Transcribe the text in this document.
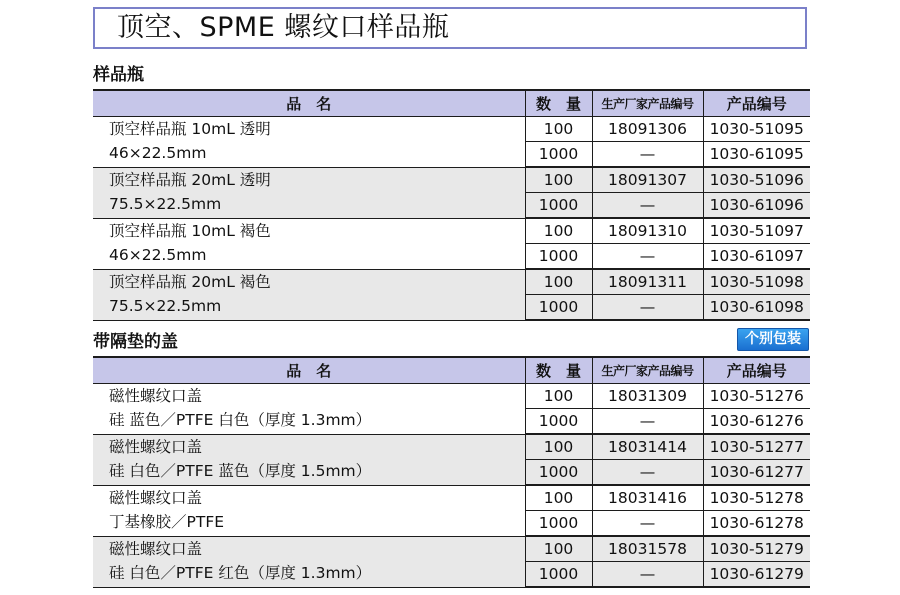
顶空、SPME 螺纹口样品瓶
样品瓶
品　名	数　量	生产厂家产品编号	产品编号

顶空样品瓶 10mL 透明
46×22.5mm	100	18091306	1030-51095
	1000	—	1030-61095

顶空样品瓶 20mL 透明
75.5×22.5mm	100	18091307	1030-51096
	1000	—	1030-61096

顶空样品瓶 10mL 褐色
46×22.5mm	100	18091310	1030-51097
	1000	—	1030-61097

顶空样品瓶 20mL 褐色
75.5×22.5mm	100	18091311	1030-51098
	1000	—	1030-61098
带隔垫的盖	个别包装
品　名	数　量	生产厂家产品编号	产品编号

磁性螺纹口盖
硅 蓝色／PTFE 白色（厚度 1.3mm）	100	18031309	1030-51276
	1000	—	1030-61276

磁性螺纹口盖
硅 白色／PTFE 蓝色（厚度 1.5mm）	100	18031414	1030-51277
	1000	—	1030-61277

磁性螺纹口盖
丁基橡胶／PTFE	100	18031416	1030-51278
	1000	—	1030-61278

磁性螺纹口盖
硅 白色／PTFE 红色（厚度 1.3mm）	100	18031578	1030-51279
	1000	—	1030-61279
